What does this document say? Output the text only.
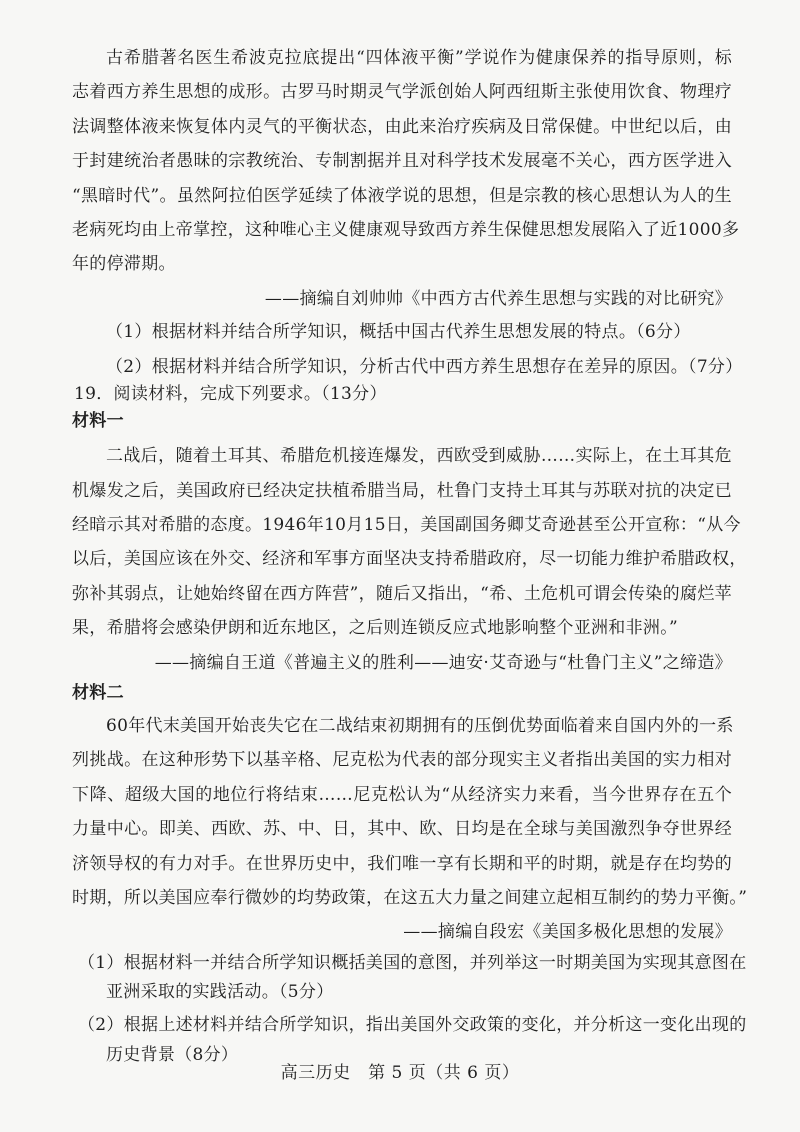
古希腊著名医生希波克拉底提出“四体液平衡”学说作为健康保养的指导原则，标
志着西方养生思想的成形。古罗马时期灵气学派创始人阿西纽斯主张使用饮食、物理疗
法调整体液来恢复体内灵气的平衡状态，由此来治疗疾病及日常保健。中世纪以后，由
于封建统治者愚昧的宗教统治、专制割据并且对科学技术发展毫不关心，西方医学进入
“黑暗时代”。虽然阿拉伯医学延续了体液学说的思想，但是宗教的核心思想认为人的生
老病死均由上帝掌控，这种唯心主义健康观导致西方养生保健思想发展陷入了近1000多
年的停滞期。
——摘编自刘帅帅《中西方古代养生思想与实践的对比研究》
（1）根据材料并结合所学知识，概括中国古代养生思想发展的特点。（6分）
（2）根据材料并结合所学知识，分析古代中西方养生思想存在差异的原因。（7分）
19．阅读材料，完成下列要求。（13分）
材料一
二战后，随着土耳其、希腊危机接连爆发，西欧受到威胁……实际上，在土耳其危
机爆发之后，美国政府已经决定扶植希腊当局，杜鲁门支持土耳其与苏联对抗的决定已
经暗示其对希腊的态度。1946年10月15日，美国副国务卿艾奇逊甚至公开宣称：“从今
以后，美国应该在外交、经济和军事方面坚决支持希腊政府，尽一切能力维护希腊政权，
弥补其弱点，让她始终留在西方阵营”，随后又指出，“希、土危机可谓会传染的腐烂苹
果，希腊将会感染伊朗和近东地区，之后则连锁反应式地影响整个亚洲和非洲。”
——摘编自王道《普遍主义的胜利——迪安·艾奇逊与“杜鲁门主义”之缔造》
材料二
60年代末美国开始丧失它在二战结束初期拥有的压倒优势面临着来自国内外的一系
列挑战。在这种形势下以基辛格、尼克松为代表的部分现实主义者指出美国的实力相对
下降、超级大国的地位行将结束……尼克松认为“从经济实力来看，当今世界存在五个
力量中心。即美、西欧、苏、中、日，其中、欧、日均是在全球与美国激烈争夺世界经
济领导权的有力对手。在世界历史中，我们唯一享有长期和平的时期，就是存在均势的
时期，所以美国应奉行微妙的均势政策，在这五大力量之间建立起相互制约的势力平衡。”
——摘编自段宏《美国多极化思想的发展》
（1）根据材料一并结合所学知识概括美国的意图，并列举这一时期美国为实现其意图在
亚洲采取的实践活动。（5分）
（2）根据上述材料并结合所学知识，指出美国外交政策的变化，并分析这一变化出现的
历史背景（8分）
高三历史　第 5 页（共 6 页）
